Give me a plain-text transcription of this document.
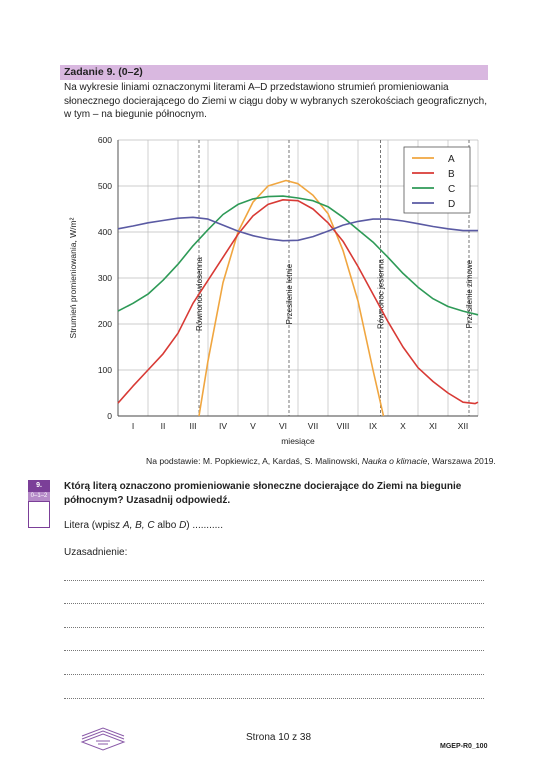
Zadanie 9. (0–2)
Na wykresie liniami oznaczonymi literami A–D przedstawiono strumień promieniowania słonecznego docierającego do Ziemi w ciągu doby w wybranych szerokościach geograficznych, w tym – na biegunie północnym.
0
100
200
300
400
500
600
I	II	III	IV	V	VI VII VIII IX	X	XI XII
Strumień promieniowania, W/m²
miesiące
Równonoc wiosenna	Przesilenie letnie	Równonoc jesienna	Przesilenie zimowe
A
B
C
D
Na podstawie: M. Popkiewicz, A, Kardaś, S. Malinowski, Nauka o klimacie, Warszawa 2019.
9.
0–1–2
Którą literą oznaczono promieniowanie słoneczne docierające do Ziemi na biegunie północnym? Uzasadnij odpowiedź.
Litera (wpisz A, B, C albo D) ...........
Uzasadnienie:
Strona 10 z 38
MGEP-R0_100
